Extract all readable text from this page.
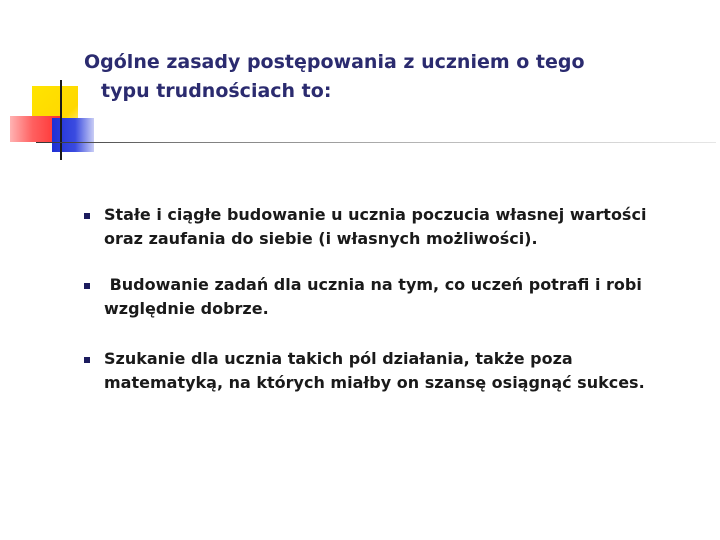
Ogólne zasady postępowania z uczniem o tego
typu trudnościach to:
Stałe i ciągłe budowanie u ucznia poczucia własnej wartości
oraz zaufania do siebie (i własnych możliwości).
Budowanie zadań dla ucznia na tym, co uczeń potrafi i robi
względnie dobrze.
Szukanie dla ucznia takich pól działania, także poza
matematyką, na których miałby on szansę osiągnąć sukces.
